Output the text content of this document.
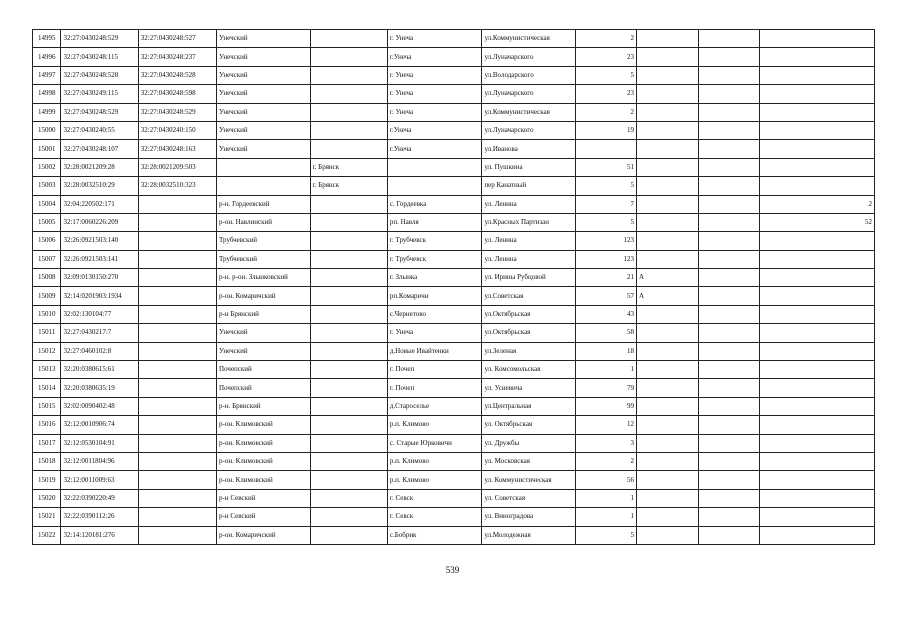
14995	32:27:0430248:529	32:27:0430248:527	Унечский		г. Унеча	ул.Коммунистическая	2			
14996	32:27:0430248:115	32:27:0430248:237	Унечский		г.Унеча	ул.Луначарского	23			
14997	32:27:0430248:528	32:27:0430248:528	Унечский		г. Унеча	ул.Володарского	5			
14998	32:27:0430249:115	32:27:0430248:598	Унечский		г. Унеча	ул.Луначарского	23			
14999	32:27:0430248:529	32:27:0430248:529	Унечский		г. Унеча	ул.Коммунистическая	2			
15000	32:27:0430240:55	32:27:0430240:150	Унечский		г.Унеча	ул.Луначарского	19			
15001	32:27:0430248:107	32:27:0430248:163	Унечский		г.Унеча	ул.Иванова				
15002	32:28:0021209:28	32:28:0021209:503		г. Брянск		ул. Пушкина	51			
15003	32:28:0032510:29	32:28:0032510:323		г. Брянск		пер Канатный	5			
15004	32:04:220502:171		р-н. Гордеевский		с. Гордеевка	ул. Ленина	7			2
15005	32:17:0060226:209		р-он. Навлинский		рп. Навля	ул.Красных Партизан	5			52
15006	32:26:0921503:140		Трубчевский		г. Трубчевск	ул. Ленина	123			
15007	32:26:0921503:141		Трубчевский		г. Трубчевск	ул. Ленина	123			
15008	32:09:0130150:270		р-н. р-он. Злынковский		г. Злынка	ул. Ирины Рубцовой	21	А		
15009	32:14:0201903:1934		р-он. Комаричский		рп.Комаричи	ул.Советская	57	А		
15010	32:02:130104:77		р-н Брянский		с.Чернетово	ул.Октябрьская	43			
15011	32:27:0430217:7		Унечский		г. Унеча	ул.Октябрьская	58			
15012	32:27:0460102:8		Унечский		д.Новые Ивайтенки	ул.Зеленая	18			
15013	32:20:0380615:61		Почепский		г. Почеп	ул. Комсомольская	1			
15014	32:20:0380635:19		Почепский		г. Почеп	ул. Усиевича	79			
15015	32:02:0090402:48		р-н. Брянский		д.Староселье	ул.Центральная	99			
15016	32:12:0010906:74		р-он. Климовский		р.п. Климово	ул. Октябрьская	12			
15017	32:12:0530104:91		р-он. Климовский		с. Старые Юрковичи	ул. Дружбы	3			
15018	32:12:0011804:96		р-он. Климовский		р.п. Климово	ул. Московская	2			
15019	32:12:0011009:63		р-он. Климовский		р.п. Климово	ул. Коммунистическая	56			
15020	32:22:0390220:49		р-н Севский		г. Севск	ул. Советская	1			
15021	32:22:0390112:26		р-н Севский		г. Севск	ул. Виноградова	1			
15022	32:14:120181:276		р-он. Комаричский		с.Бобрик	ул.Молодежная	5			
539
